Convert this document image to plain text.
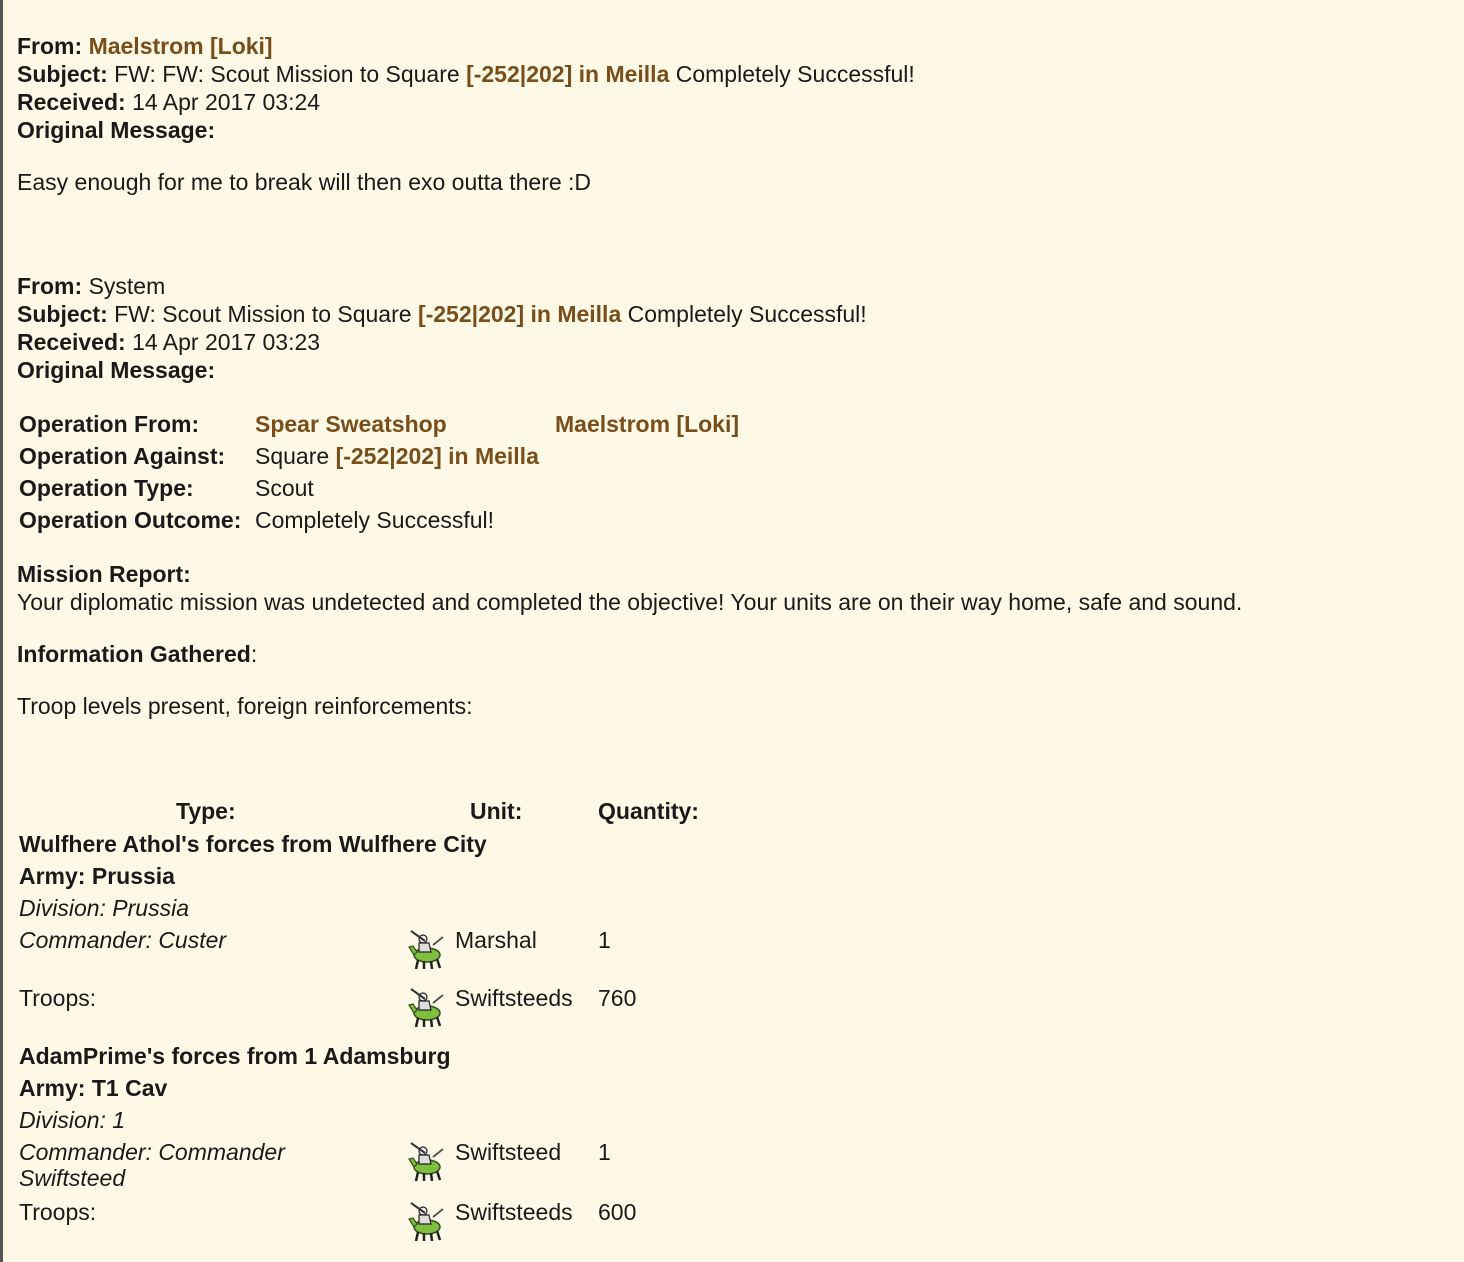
From: Maelstrom [Loki]
Subject: FW: FW: Scout Mission to Square [-252|202] in Meilla Completely Successful!
Received: 14 Apr 2017 03:24
Original Message:
Easy enough for me to break will then exo outta there :D
From: System
Subject: FW: Scout Mission to Square [-252|202] in Meilla Completely Successful!
Received: 14 Apr 2017 03:23
Original Message:
Operation From: Spear Sweatshop	Maelstrom [Loki]
Operation Against: Square [-252|202] in Meilla
Operation Type:	Scout
Operation Outcome: Completely Successful!
Mission Report:
Your diplomatic mission was undetected and completed the objective! Your units are on their way home, safe and sound.
Information Gathered:
Troop levels present, foreign reinforcements:
Type:	Unit:	Quantity:
Wulfhere Athol's forces from Wulfhere City
Army: Prussia
Division: Prussia
Commander: Custer	Marshal	1
Troops:	Swiftsteeds 760
AdamPrime's forces from 1 Adamsburg
Army: T1 Cav
Division: 1
Commander: Commander
Swiftsteed
Swiftsteed 1
Troops:	Swiftsteeds 600
